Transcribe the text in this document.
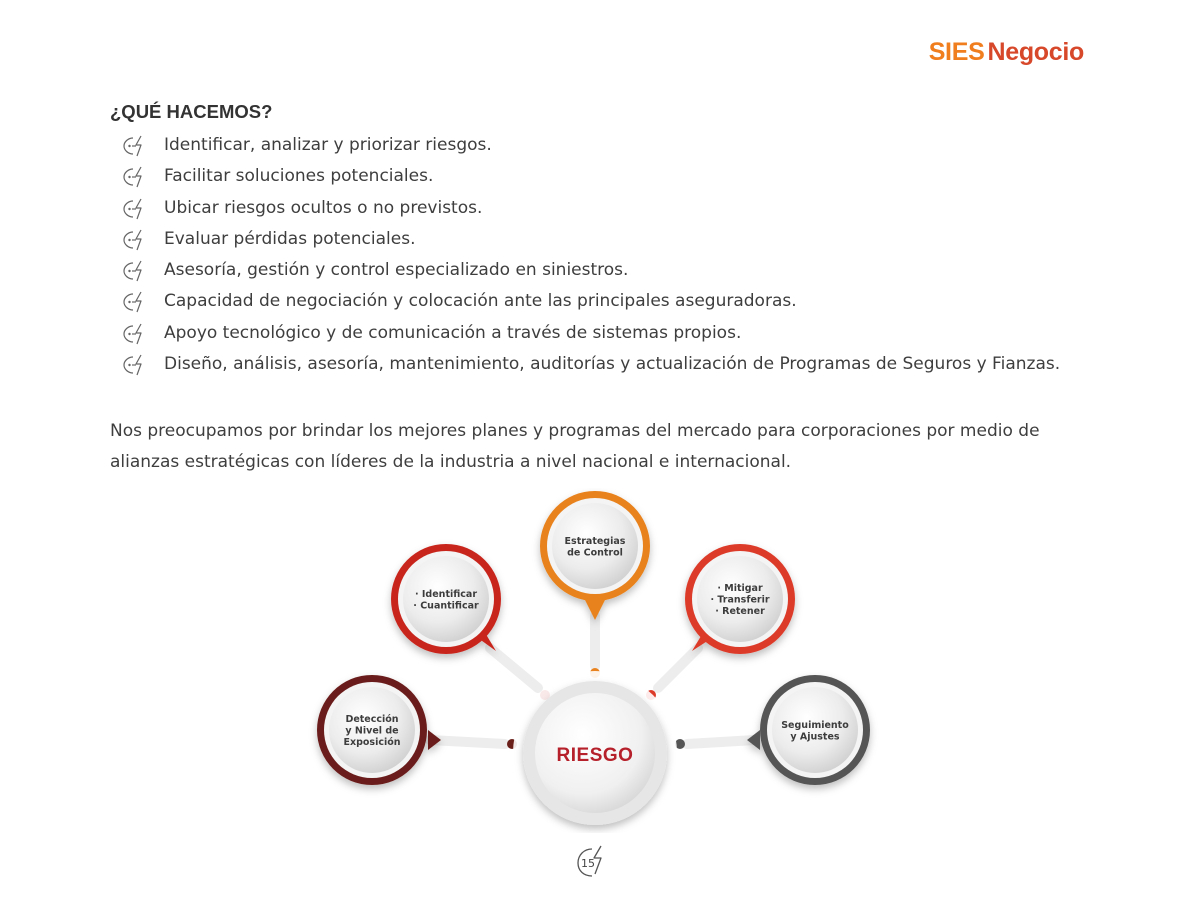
SIES Negocio
¿QUÉ HACEMOS?
Identificar, analizar y priorizar riesgos.
Facilitar soluciones potenciales.
Ubicar riesgos ocultos o no previstos.
Evaluar pérdidas potenciales.
Asesoría, gestión y control especializado en siniestros.
Capacidad de negociación y colocación ante las principales aseguradoras.
Apoyo tecnológico y de comunicación a través de sistemas propios.
Diseño, análisis, asesoría, mantenimiento, auditorías y actualización de Programas de Seguros y Fianzas.
Nos preocupamos por brindar los mejores planes y programas del mercado para corporaciones por medio de alianzas estratégicas con líderes de la industria a nivel nacional e internacional.
Detección
y Nivel de
Exposición
· Identificar
· Cuantificar
Estrategias
de Control
· Mitigar
· Transferir
· Retener
Seguimiento
y Ajustes
RIESGO
15
